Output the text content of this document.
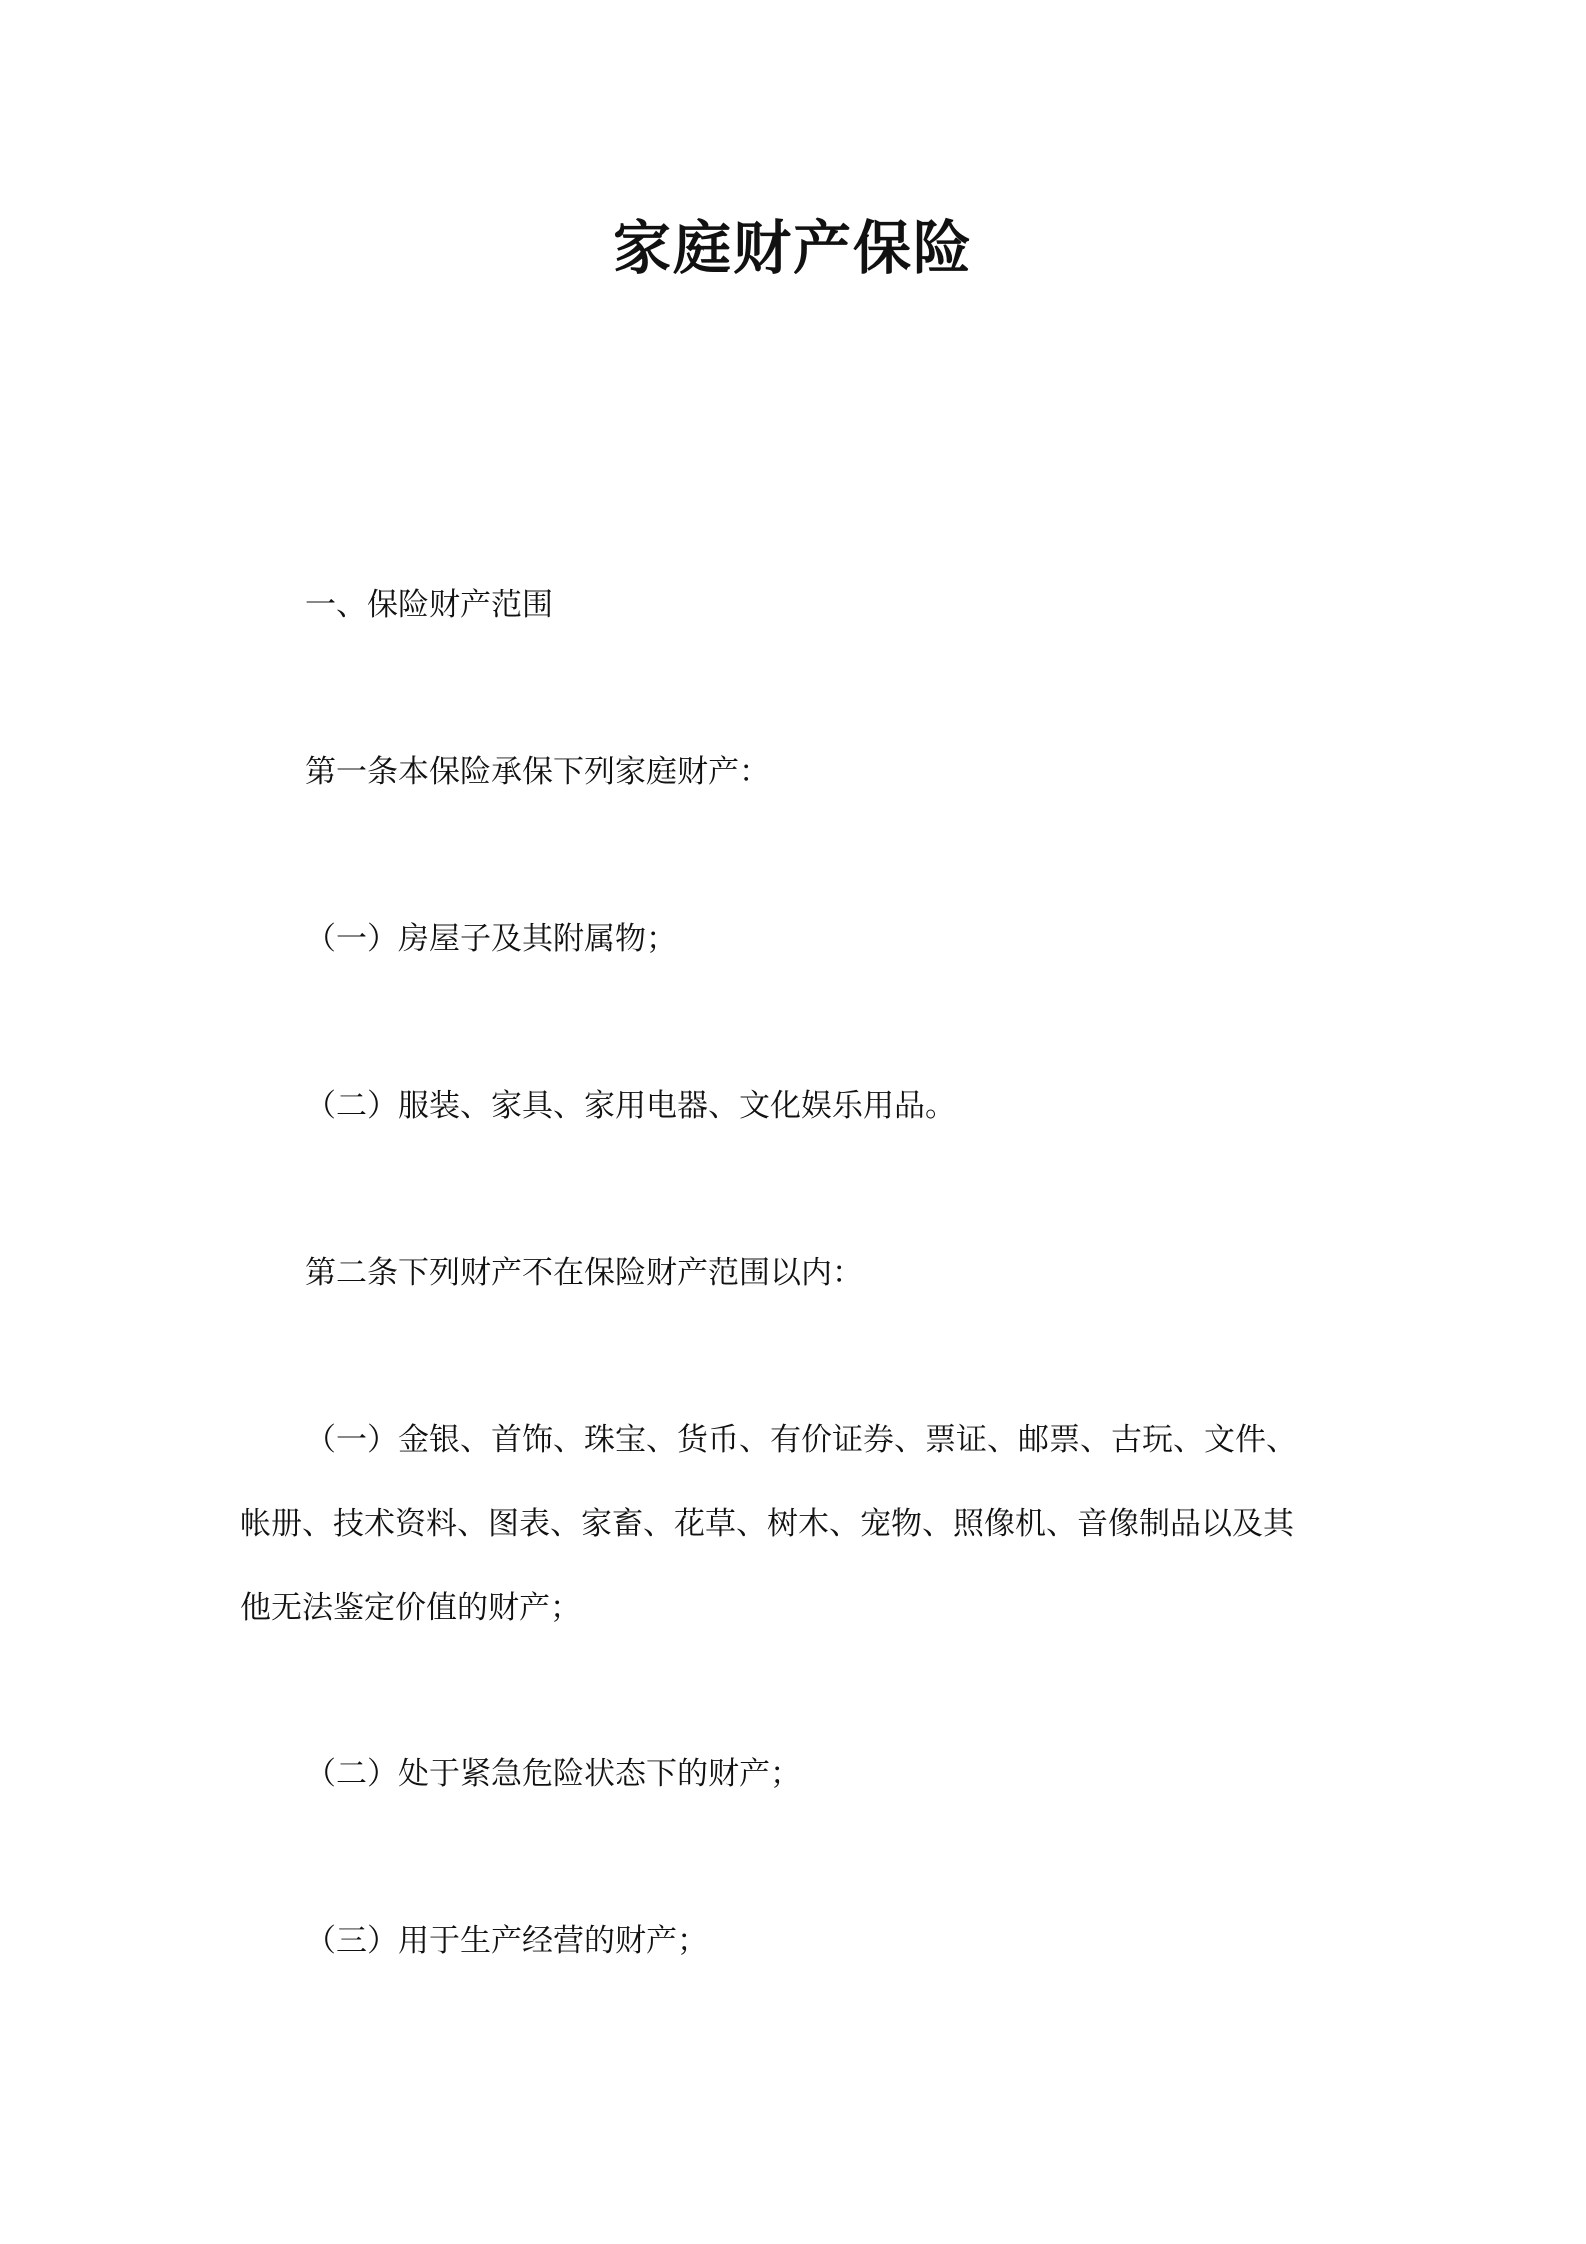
家庭财产保险
一、保险财产范围
第一条本保险承保下列家庭财产：
（一）房屋子及其附属物；
（二）服装、家具、家用电器、文化娱乐用品。
第二条下列财产不在保险财产范围以内：
（一）金银、首饰、珠宝、货币、有价证券、票证、邮票、古玩、文件、
帐册、技术资料、图表、家畜、花草、树木、宠物、照像机、音像制品以及其
他无法鉴定价值的财产；
（二）处于紧急危险状态下的财产；
（三）用于生产经营的财产；
